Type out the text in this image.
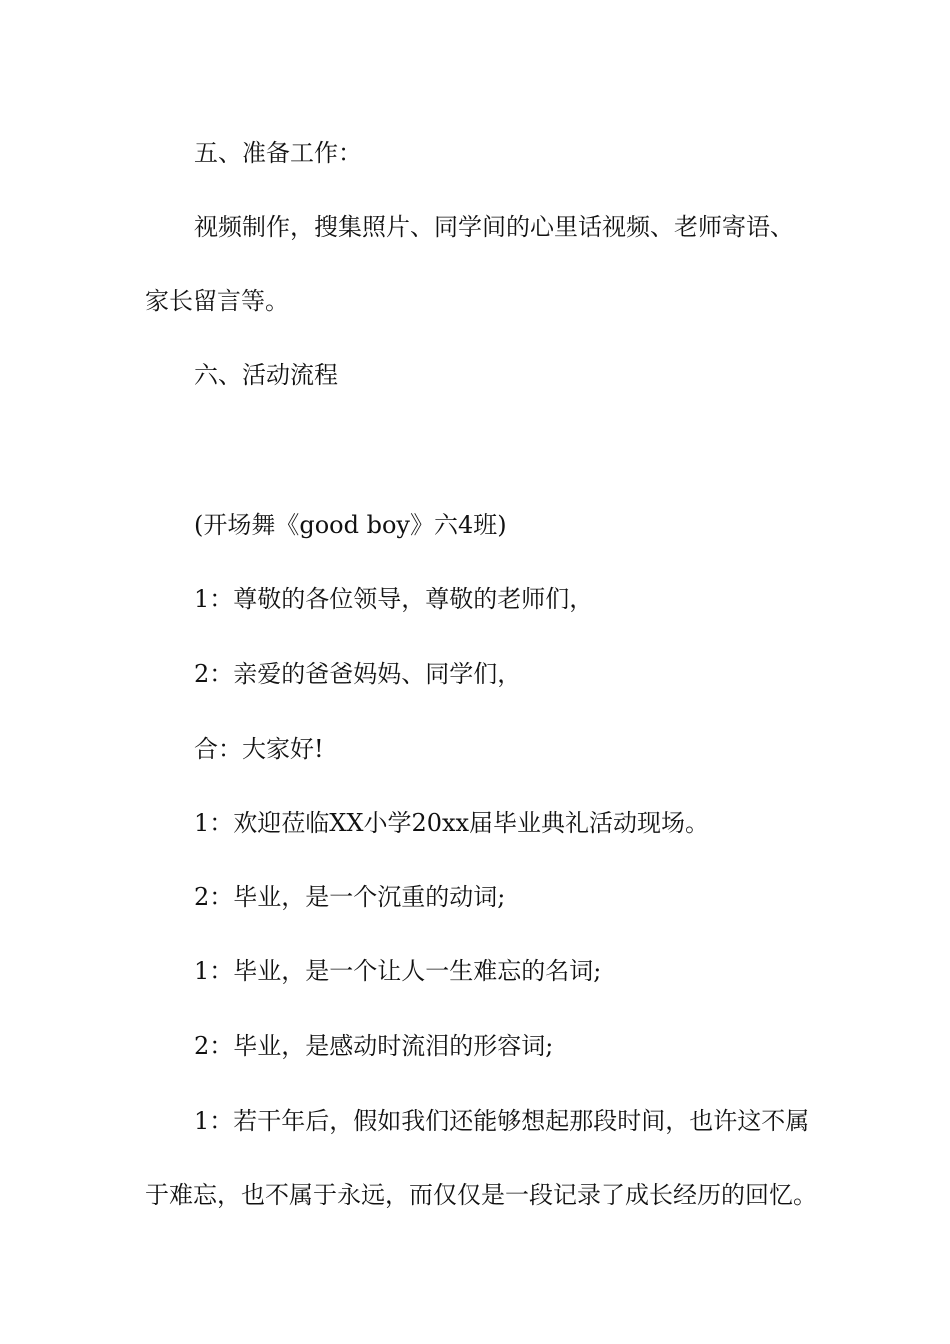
五、准备工作：
视频制作，搜集照片、同学间的心里话视频、老师寄语、
家长留言等。
六、活动流程
(开场舞《good boy》六4班)
1：尊敬的各位领导，尊敬的老师们，
2：亲爱的爸爸妈妈、同学们，
合：大家好!
1：欢迎莅临XX小学20xx届毕业典礼活动现场。
2：毕业，是一个沉重的动词;
1：毕业，是一个让人一生难忘的名词;
2：毕业，是感动时流泪的形容词;
1：若干年后，假如我们还能够想起那段时间，也许这不属
于难忘，也不属于永远，而仅仅是一段记录了成长经历的回忆。
